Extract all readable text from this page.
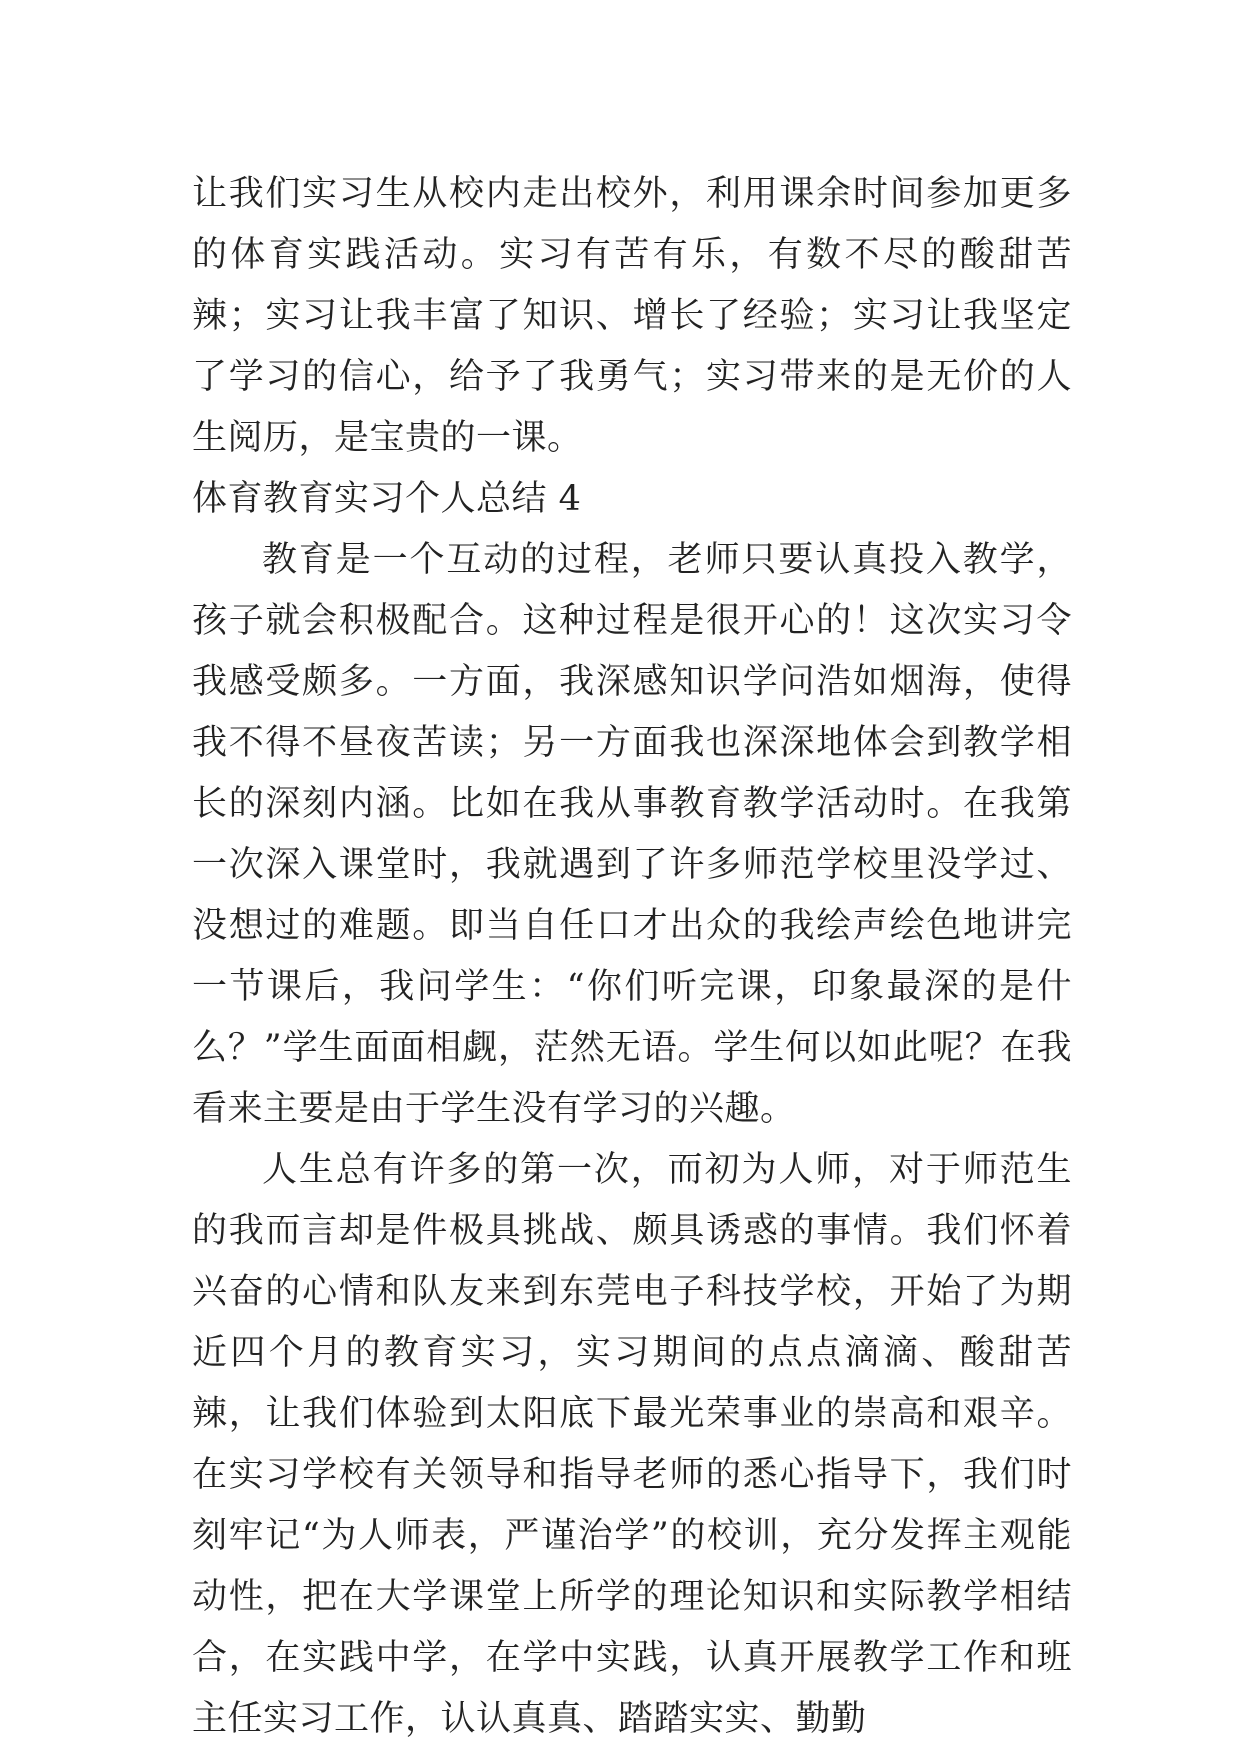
让我们实习生从校内走出校外，利用课余时间参加更多的体育实践活动。实习有苦有乐，有数不尽的酸甜苦辣；实习让我丰富了知识、增长了经验；实习让我坚定了学习的信心，给予了我勇气；实习带来的是无价的人生阅历，是宝贵的一课。

体育教育实习个人总结 4

教育是一个互动的过程，老师只要认真投入教学，孩子就会积极配合。这种过程是很开心的！这次实习令我感受颇多。一方面，我深感知识学问浩如烟海，使得我不得不昼夜苦读；另一方面我也深深地体会到教学相长的深刻内涵。比如在我从事教育教学活动时。在我第一次深入课堂时，我就遇到了许多师范学校里没学过、没想过的难题。即当自任口才出众的我绘声绘色地讲完一节课后，我问学生：“你们听完课，印象最深的是什么？”学生面面相觑，茫然无语。学生何以如此呢？在我看来主要是由于学生没有学习的兴趣。

人生总有许多的第一次，而初为人师，对于师范生的我而言却是件极具挑战、颇具诱惑的事情。我们怀着兴奋的心情和队友来到东莞电子科技学校，开始了为期近四个月的教育实习，实习期间的点点滴滴、酸甜苦辣，让我们体验到太阳底下最光荣事业的崇高和艰辛。在实习学校有关领导和指导老师的悉心指导下，我们时刻牢记“为人师表，严谨治学”的校训，充分发挥主观能动性，把在大学课堂上所学的理论知识和实际教学相结合，在实践中学，在学中实践，认真开展教学工作和班主任实习工作，认认真真、踏踏实实、勤勤
